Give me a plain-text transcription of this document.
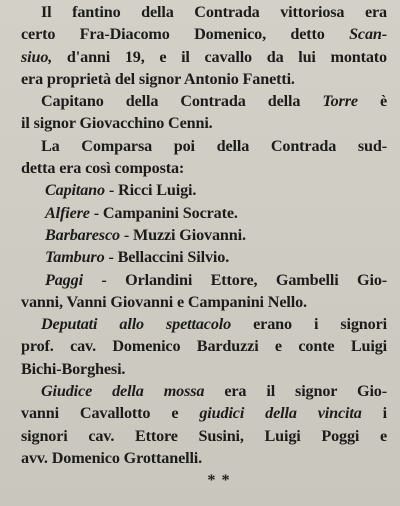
Il fantino della Contrada vittoriosa era
certo Fra-Diacomo Domenico, detto Scan-
siuo, d'anni 19, e il cavallo da lui montato
era proprietà del signor Antonio Fanetti.
Capitano della Contrada della Torre è
il signor Giovacchino Cenni.
La Comparsa poi della Contrada sud-
detta era così composta:
Capitano - Ricci Luigi.
Alfiere - Campanini Socrate.
Barbaresco - Muzzi Giovanni.
Tamburo - Bellaccini Silvio.
Paggi - Orlandini Ettore, Gambelli Gio-
vanni, Vanni Giovanni e Campanini Nello.
Deputati allo spettacolo erano i signori
prof. cav. Domenico Barduzzi e conte Luigi
Bichi-Borghesi.
Giudice della mossa era il signor Gio-
vanni Cavallotto e giudici della vincita i
signori cav. Ettore Susini, Luigi Poggi e
avv. Domenico Grottanelli.
* *
